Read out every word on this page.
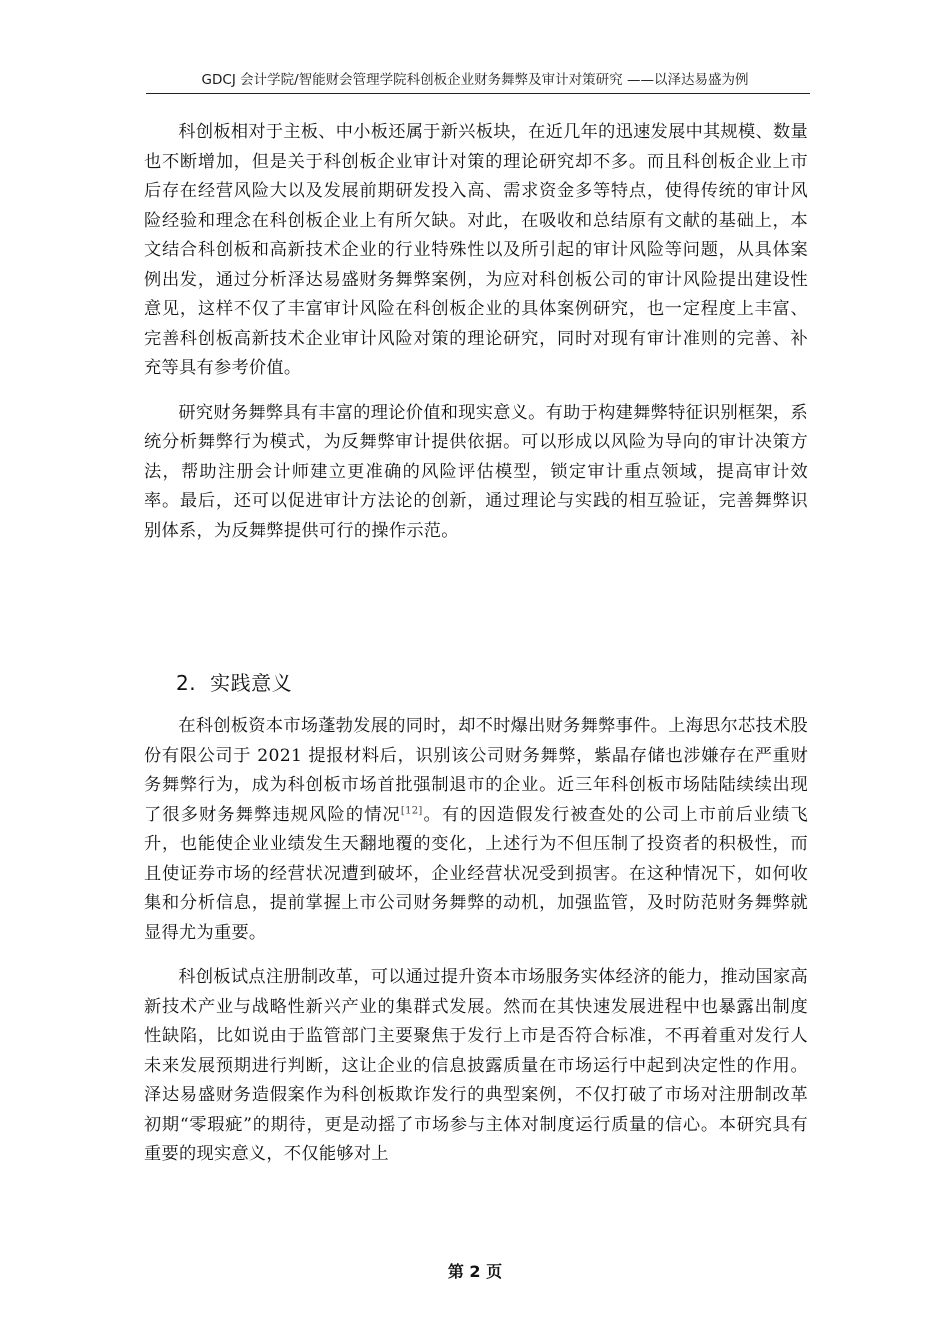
GDCJ 会计学院/智能财会管理学院科创板企业财务舞弊及审计对策研究 ——以泽达易盛为例

科创板相对于主板、中小板还属于新兴板块，在近几年的迅速发展中其规模、数量也不断增加，但是关于科创板企业审计对策的理论研究却不多。而且科创板企业上市后存在经营风险大以及发展前期研发投入高、需求资金多等特点，使得传统的审计风险经验和理念在科创板企业上有所欠缺。对此，在吸收和总结原有文献的基础上，本文结合科创板和高新技术企业的行业特殊性以及所引起的审计风险等问题，从具体案例出发，通过分析泽达易盛财务舞弊案例，为应对科创板公司的审计风险提出建设性意见，这样不仅了丰富审计风险在科创板企业的具体案例研究，也一定程度上丰富、完善科创板高新技术企业审计风险对策的理论研究，同时对现有审计准则的完善、补充等具有参考价值。

研究财务舞弊具有丰富的理论价值和现实意义。有助于构建舞弊特征识别框架，系统分析舞弊行为模式，为反舞弊审计提供依据。可以形成以风险为导向的审计决策方法，帮助注册会计师建立更准确的风险评估模型，锁定审计重点领域，提高审计效率。最后，还可以促进审计方法论的创新，通过理论与实践的相互验证，完善舞弊识别体系，为反舞弊提供可行的操作示范。

2. 实践意义

在科创板资本市场蓬勃发展的同时，却不时爆出财务舞弊事件。上海思尔芯技术股份有限公司于 2021 提报材料后，识别该公司财务舞弊，紫晶存储也涉嫌存在严重财务舞弊行为，成为科创板市场首批强制退市的企业。近三年科创板市场陆陆续续出现了很多财务舞弊违规风险的情况[12]。有的因造假发行被查处的公司上市前后业绩飞升，也能使企业业绩发生天翻地覆的变化，上述行为不但压制了投资者的积极性，而且使证券市场的经营状况遭到破坏，企业经营状况受到损害。在这种情况下，如何收集和分析信息，提前掌握上市公司财务舞弊的动机，加强监管，及时防范财务舞弊就显得尤为重要。

科创板试点注册制改革，可以通过提升资本市场服务实体经济的能力，推动国家高新技术产业与战略性新兴产业的集群式发展。然而在其快速发展进程中也暴露出制度性缺陷，比如说由于监管部门主要聚焦于发行上市是否符合标准，不再着重对发行人未来发展预期进行判断，这让企业的信息披露质量在市场运行中起到决定性的作用。泽达易盛财务造假案作为科创板欺诈发行的典型案例，不仅打破了市场对注册制改革初期“零瑕疵”的期待，更是动摇了市场参与主体对制度运行质量的信心。本研究具有重要的现实意义，不仅能够对上

第 2 页
